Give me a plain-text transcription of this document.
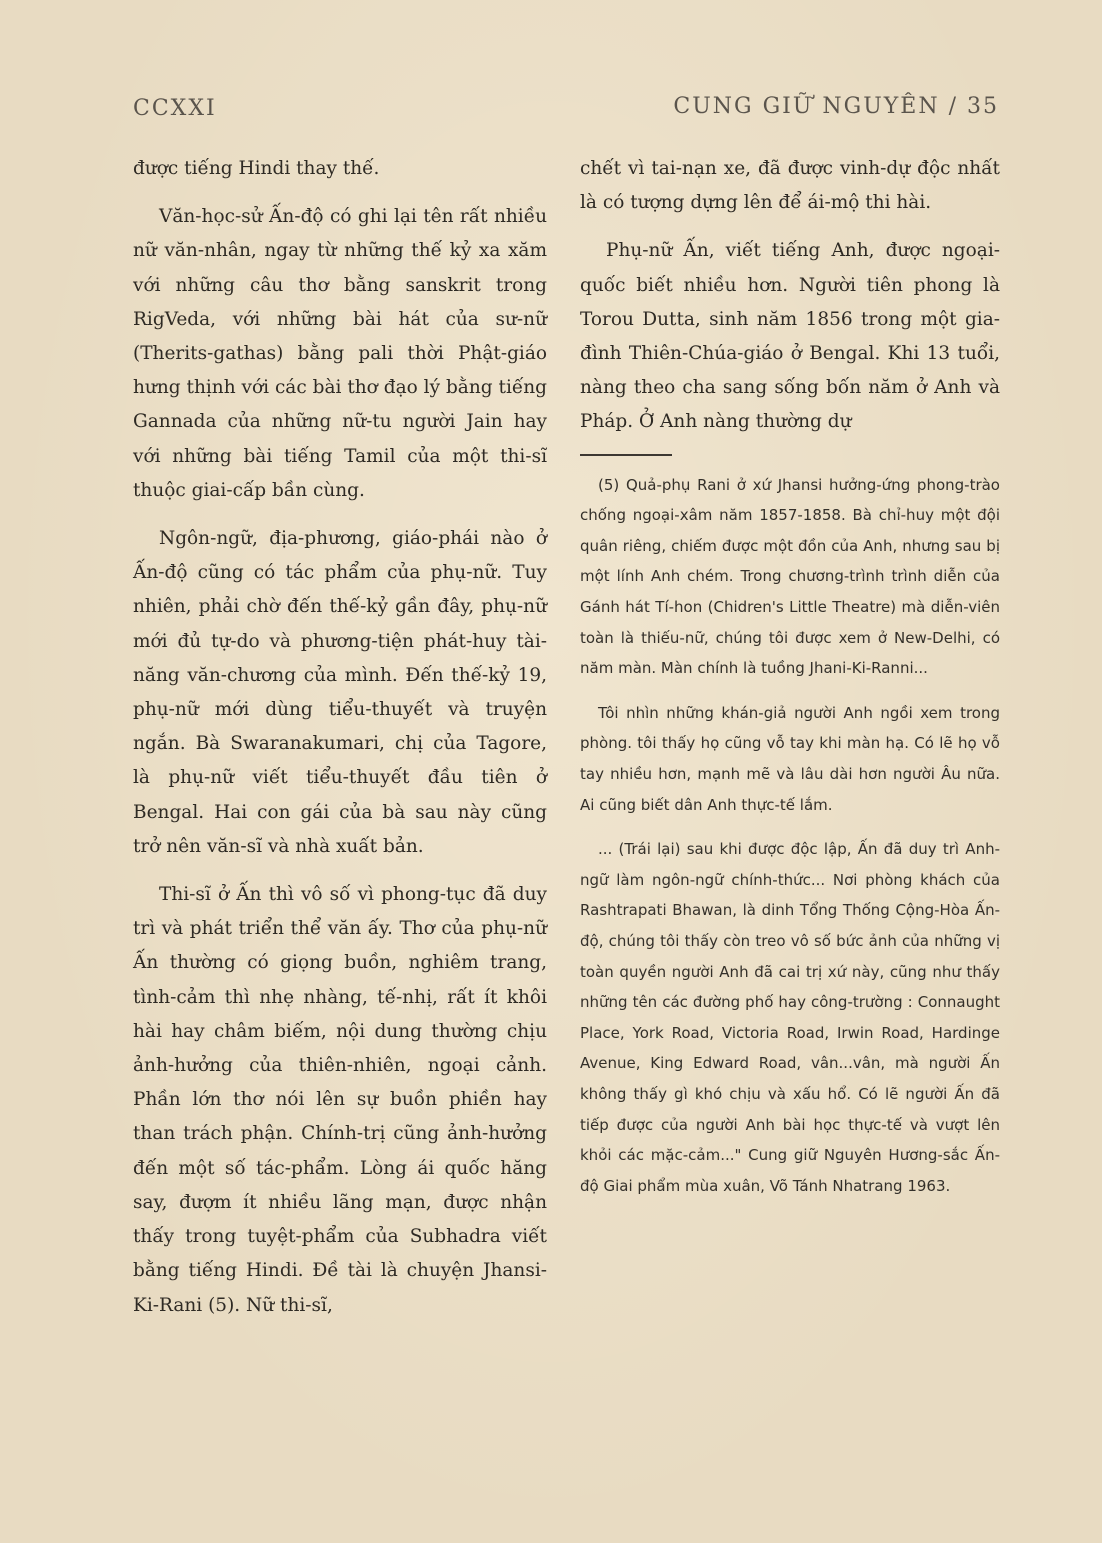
CCXXI	CUNG GIỮ NGUYÊN / 35

được tiếng Hindi thay thế.

Văn-học-sử Ấn-độ có ghi lại tên rất nhiều nữ văn-nhân, ngay từ những thế kỷ xa xăm với những câu thơ bằng sanskrit trong RigVeda, với những bài hát của sư-nữ (Therits-gathas) bằng pali thời Phật-giáo hưng thịnh với các bài thơ đạo lý bằng tiếng Gannada của những nữ-tu người Jain hay với những bài tiếng Tamil của một thi-sĩ thuộc giai-cấp bần cùng.

Ngôn-ngữ, địa-phương, giáo-phái nào ở Ấn-độ cũng có tác phẩm của phụ-nữ. Tuy nhiên, phải chờ đến thế-kỷ gần đây, phụ-nữ mới đủ tự-do và phương-tiện phát-huy tài-năng văn-chương của mình. Đến thế-kỷ 19, phụ-nữ mới dùng tiểu-thuyết và truyện ngắn. Bà Swaranakumari, chị của Tagore, là phụ-nữ viết tiểu-thuyết đầu tiên ở Bengal. Hai con gái của bà sau này cũng trở nên văn-sĩ và nhà xuất bản.

Thi-sĩ ở Ấn thì vô số vì phong-tục đã duy trì và phát triển thể văn ấy. Thơ của phụ-nữ Ấn thường có giọng buồn, nghiêm trang, tình-cảm thì nhẹ nhàng, tế-nhị, rất ít khôi hài hay châm biếm, nội dung thường chịu ảnh-hưởng của thiên-nhiên, ngoại cảnh. Phần lớn thơ nói lên sự buồn phiền hay than trách phận. Chính-trị cũng ảnh-hưởng đến một số tác-phẩm. Lòng ái quốc hăng say, đượm ít nhiều lãng mạn, được nhận thấy trong tuyệt-phẩm của Subhadra viết bằng tiếng Hindi. Đề tài là chuyện Jhansi-Ki-Rani (5). Nữ thi-sĩ,

chết vì tai-nạn xe, đã được vinh-dự độc nhất là có tượng dựng lên để ái-mộ thi hài.

Phụ-nữ Ấn, viết tiếng Anh, được ngoại-quốc biết nhiều hơn. Người tiên phong là Torou Dutta, sinh năm 1856 trong một gia-đình Thiên-Chúa-giáo ở Bengal. Khi 13 tuổi, nàng theo cha sang sống bốn năm ở Anh và Pháp. Ở Anh nàng thường dự

(5) Quả-phụ Rani ở xứ Jhansi hưởng-ứng phong-trào chống ngoại-xâm năm 1857-1858. Bà chỉ-huy một đội quân riêng, chiếm được một đồn của Anh, nhưng sau bị một lính Anh chém. Trong chương-trình trình diễn của Gánh hát Tí-hon (Chidren's Little Theatre) mà diễn-viên toàn là thiếu-nữ, chúng tôi được xem ở New-Delhi, có năm màn. Màn chính là tuồng Jhani-Ki-Ranni...

Tôi nhìn những khán-giả người Anh ngồi xem trong phòng. tôi thấy họ cũng vỗ tay khi màn hạ. Có lẽ họ vỗ tay nhiều hơn, mạnh mẽ và lâu dài hơn người Âu nữa. Ai cũng biết dân Anh thực-tế lắm.

... (Trái lại) sau khi được độc lập, Ấn đã duy trì Anh-ngữ làm ngôn-ngữ chính-thức... Nơi phòng khách của Rashtrapati Bhawan, là dinh Tổng Thống Cộng-Hòa Ấn-độ, chúng tôi thấy còn treo vô số bức ảnh của những vị toàn quyền người Anh đã cai trị xứ này, cũng như thấy những tên các đường phố hay công-trường : Connaught Place, York Road, Victoria Road, Irwin Road, Hardinge Avenue, King Edward Road, vân...vân, mà người Ấn không thấy gì khó chịu và xấu hổ. Có lẽ người Ấn đã tiếp được của người Anh bài học thực-tế và vượt lên khỏi các mặc-cảm..." Cung giữ Nguyên Hương-sắc Ấn-độ Giai phẩm mùa xuân, Võ Tánh Nhatrang 1963.
